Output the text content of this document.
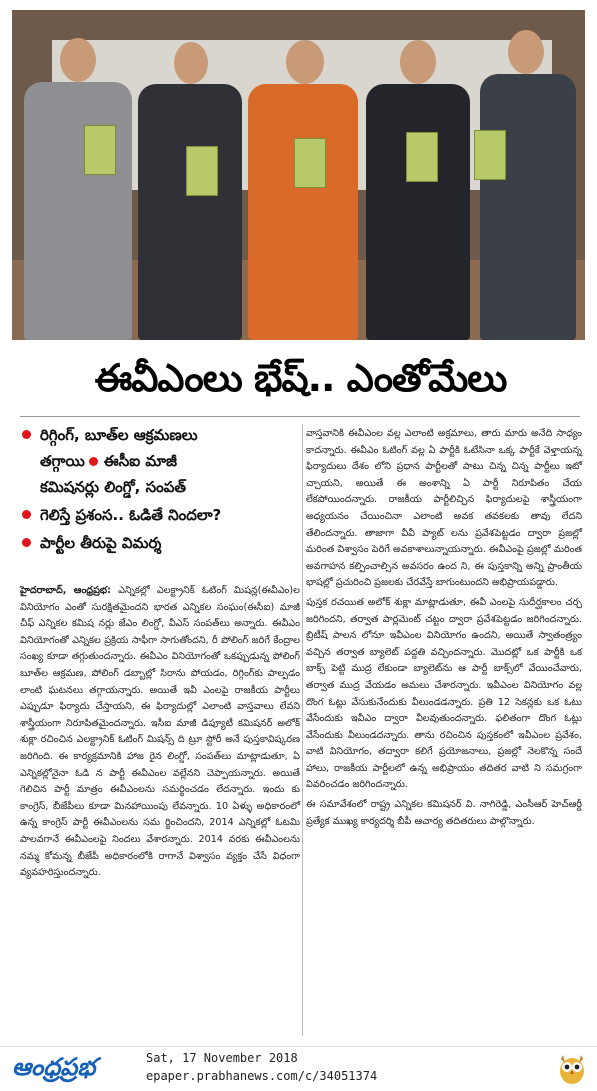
ఈవీఎంలు భేష్.. ఎంతోమేలు
రిగ్గింగ్, బూత్‌ల ఆక్రమణలు
తగ్గాయి ఈసీఐ మాజీ
కమిషనర్లు లింగ్డో, సంపత్
గెలిస్తే ప్రశంస.. ఓడితే నిందలా?
పార్టీల తీరుపై విమర్శ

హైదరాబాద్, ఆంధ్రప్రభ: ఎన్నికల్లో ఎలక్ట్రానిక్ ఓటింగ్ మిషన్ల(ఈవీఎం)ల వినియోగం ఎంతో సురక్షితమైందని భారత ఎన్నికల సంఘం(ఈసీఐ) మాజీ చీఫ్ ఎన్నికల కమిష నర్లు జేఎం లింగ్డో, వీఎస్ సంపత్‌లు అన్నారు. ఈవీఎం వినియోగంతో ఎన్నికల ప్రక్రియ సాఫీగా సాగుతోందని, రీ పోలింగ్ జరిగే కేంద్రాల సంఖ్య కూడా తగ్గుతుందన్నారు. ఈవీఎం వినియోగంతో ఒకప్పుడున్న పోలింగ్ బూత్‌ల ఆక్రమణ, పోలింగ్ డబ్బాల్లో సిరాను పోయడం, రిగ్గింగ్‌కు పాల్పడం లాంటి ఘటనలు తగ్గాయన్నారు. అయితే ఇవీ ఎంలపై రాజకీయ పార్టీలు ఎప్పుడూ ఫిర్యాదు చేస్తాయని, ఈ ఫిర్యాదుల్లో ఎలాంటి వాస్తవాలు లేవని శాస్త్రీయంగా నిరూపితమైందన్నారు. ఇసీఐ మాజీ డిప్యూటీ కమిషనర్ అలోక్ శుక్లా రచించిన ఎలక్ట్రానిక్ ఓటింగ్ మిషన్స్ ది ట్రూ స్టోరీ అనే పుస్తకావిష్కరణ జరిగింది. ఈ కార్యక్రమానికి హాజ రైన లింగ్డో, సంపత్‌లు మాట్లాడుతూ, ఏ ఎన్నికల్లోనైనా ఓడి న పార్టీ ఈవీఎంల వల్లేనని చెప్పాయన్నారు. అయితే గెలిచిన పార్టీ మాత్రం ఈవీఎంలను సమర్థించడం లేదన్నారు. ఇందు కు కాంగ్రెస్, బీజేపీలు కూడా మినహాయింపు లేవన్నారు. 10 ఏళ్ళు అధికారంలో ఉన్న కాంగ్రెస్ పార్టీ ఈవీఎంలను సమ ర్థించిందని, 2014 ఎన్నికల్లో ఓటమి పాలవగానే ఈవీఎంలపై నిందలు వేశారన్నారు. 2014 వరకు ఈవీఎంలను నమ్మ కోమన్న బీజేపీ అధికారంలోకి రాగానే విశ్వాసం వ్యక్తం చేసే విధంగా వ్యవహరిస్తుందన్నారు.

వాస్తవానికి ఈవీఎంల వల్ల ఎలాంటి అక్రమాలు, తారు మారు అనేది సాధ్యం కాదన్నారు. ఈవీఎం ఓటింగ్ వల్ల ఏ పార్టీకి ఓటేసినా ఒక్క పార్టీకే వెళ్తాయన్న ఫిర్యాదులు దేశం లోని ప్రధాన పార్టీలతో పాటు చిన్న చిన్న పార్టీలు ఇటో చ్చాయని, అయితే ఈ అంశాన్ని ఏ పార్టీ నిరూపితం చేయ లేకపోయిందన్నారు. రాజకీయ పార్టీలిచ్చిన ఫిర్యాదులపై శాస్త్రీయంగా అధ్యయనం చేయించినా ఎలాంటి అవక తవకలకు తావు లేదని తేలిందన్నారు. తాజాగా వీవీ ప్యాట్ లను ప్రవేశపెట్టడం ద్వారా ప్రజల్లో మరింత విశ్వాసం పెరిగే అవకాశాలున్నాయన్నారు. ఈవీఎంపై ప్రజల్లో మరింత అవగాహన కల్పించాల్సిన అవసరం ఉంద ని, ఈ పుస్తకాన్ని అన్ని ప్రాంతీయ భాషల్లో ప్రచురించి ప్రజలకు చేరవేస్తే బాగుంటుందని అభిప్రాయపడ్డారు.

పుస్తక రచయిత అలోక్ శుక్లా మాట్లాడుతూ, ఈవీ ఎంలపై సుదీర్ఘకాలం చర్చ జరిగిందని, తర్వాత పార్లమెంట్ చట్టం ద్వారా ప్రవేశపెట్టడం జరిగిందన్నారు. బ్రిటీష్ పాలన లోనూ ఇవీఎంల వినియోగం ఉందని, అయితే స్వాతంత్ర్యం వచ్చిన తర్వాత బ్యాలెట్ పద్దతి వచ్చిందన్నారు. మొదట్లో ఒక పార్టీకి ఒక బాక్స్ పెట్టి ముద్ర లేకుండా బ్యాలెట్‌ను ఆ పార్టీ బాక్స్‌లో వేయించేవారు, తర్వాత ముద్ర వేయడం అమలు చేశారన్నారు. ఇవీఎంల వినియోగం వల్ల దొంగ ఓట్లు వేసుకునేందుకు వీలుండడన్నారు. ప్రతి 12 సెకన్లకు ఒక ఓటు వేసేందుకు ఇవీఎం ద్వారా వీలవుతుందన్నారు. ఫలితంగా దొంగ ఓట్లు వేసేందుకు వీలుండదన్నారు. తాను రచించిన పుస్తకంలో ఇవీఎంల ప్రవేశం, వాటి వినియోగం, తద్వారా కలిగే ప్రయోజనాలు, ప్రజల్లో నెలకొన్న సందే హాలు, రాజకీయ పార్టీలలో ఉన్న అభిప్రాయం తదితర వాటి ని సమగ్రంగా వివరించడం జరిగిందన్నారు.

ఈ సమావేశంలో రాష్ట్ర ఎన్నికల కమిషనర్ వి. నాగిరెడ్డి, ఎంసీఆర్ హెచ్ఆర్డీ ప్రత్యేక ముఖ్య కార్యదర్శి బీపీ ఆచార్య తదితరులు పాల్గొన్నారు.

ఆంధ్రప్రభ	Sat, 17 November 2018
epaper.prabhanews.com/c/34051374
